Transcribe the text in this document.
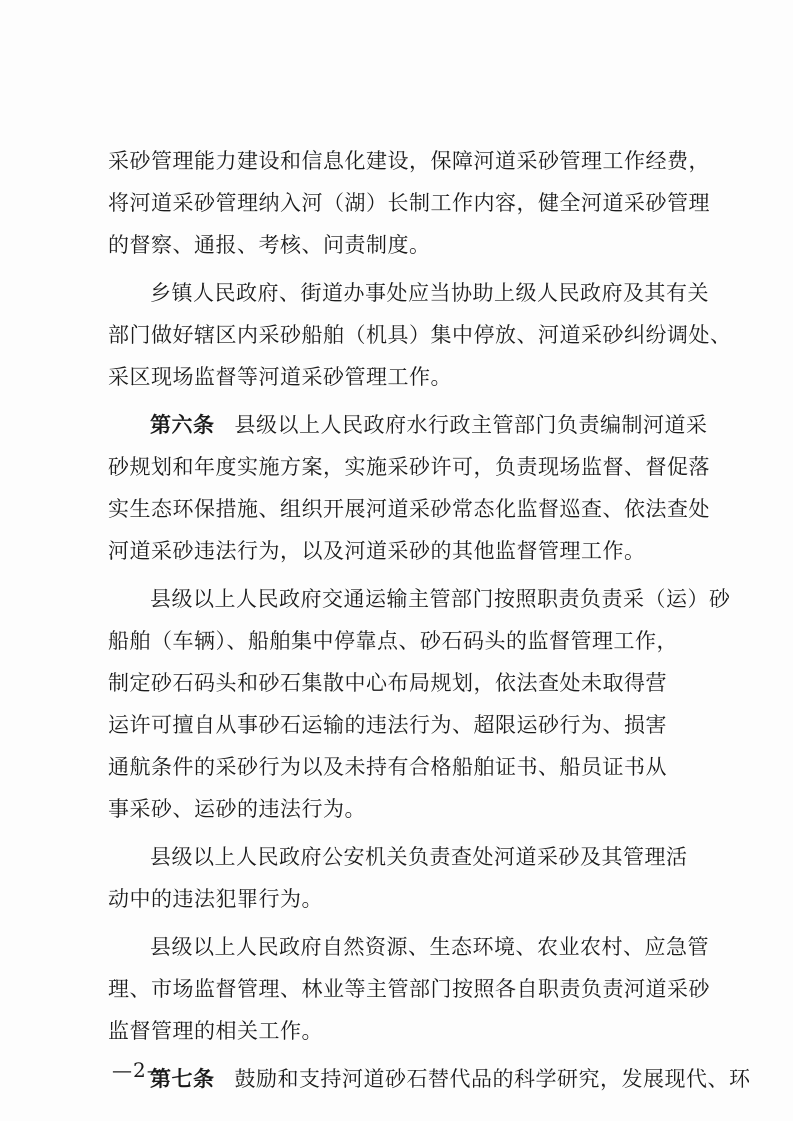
采砂管理能力建设和信息化建设，保障河道采砂管理工作经费，
将河道采砂管理纳入河（湖）长制工作内容，健全河道采砂管理
的督察、通报、考核、问责制度。
乡镇人民政府、街道办事处应当协助上级人民政府及其有关
部门做好辖区内采砂船舶（机具）集中停放、河道采砂纠纷调处、
采区现场监督等河道采砂管理工作。
第六条 县级以上人民政府水行政主管部门负责编制河道采
砂规划和年度实施方案，实施采砂许可，负责现场监督、督促落
实生态环保措施、组织开展河道采砂常态化监督巡查、依法查处
河道采砂违法行为，以及河道采砂的其他监督管理工作。
县级以上人民政府交通运输主管部门按照职责负责采（运）砂
船舶（车辆）、船舶集中停靠点、砂石码头的监督管理工作，
制定砂石码头和砂石集散中心布局规划，依法查处未取得营
运许可擅自从事砂石运输的违法行为、超限运砂行为、损害
通航条件的采砂行为以及未持有合格船舶证书、船员证书从
事采砂、运砂的违法行为。
县级以上人民政府公安机关负责查处河道采砂及其管理活
动中的违法犯罪行为。
县级以上人民政府自然资源、生态环境、农业农村、应急管
理、市场监督管理、林业等主管部门按照各自职责负责河道采砂
监督管理的相关工作。
第七条 鼓励和支持河道砂石替代品的科学研究，发展现代、环
—2—
